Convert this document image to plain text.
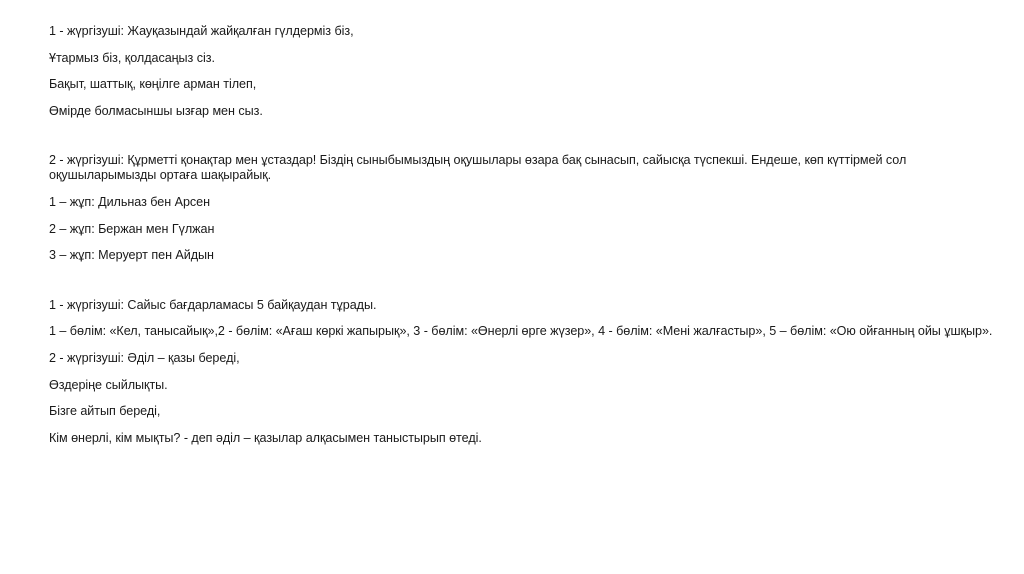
1 - жүргізуші: Жауқазындай жайқалған гүлдерміз біз,

Ұтармыз біз, қолдасаңыз сіз.

Бақыт, шаттық, көңілге арман тілеп,

Өмірде болмасыншы ызғар мен сыз.

2 - жүргізуші: Құрметті қонақтар мен ұстаздар! Біздің сыныбымыздың оқушылары өзара бақ сынасып, сайысқа түспекші. Ендеше, көп күттірмей сол оқушыларымызды ортаға шақырайық.

1 – жұп: Дильназ бен Арсен

2 – жұп: Бержан мен Гүлжан

3 – жұп: Меруерт пен Айдын

1 - жүргізуші: Сайыс бағдарламасы 5 байқаудан тұрады.

1 – бөлім: «Кел, танысайық»,2 - бөлім: «Ағаш көркі жапырық», 3 - бөлім: «Өнерлі өрге жүзер», 4 - бөлім: «Мені жалғастыр», 5 – бөлім: «Ою ойғанның ойы ұшқыр».

2 - жүргізуші: Әділ – қазы береді,

Өздеріңе сыйлықты.

Бізге айтып береді,

Кім өнерлі, кім мықты? - деп әділ – қазылар алқасымен таныстырып өтеді.
